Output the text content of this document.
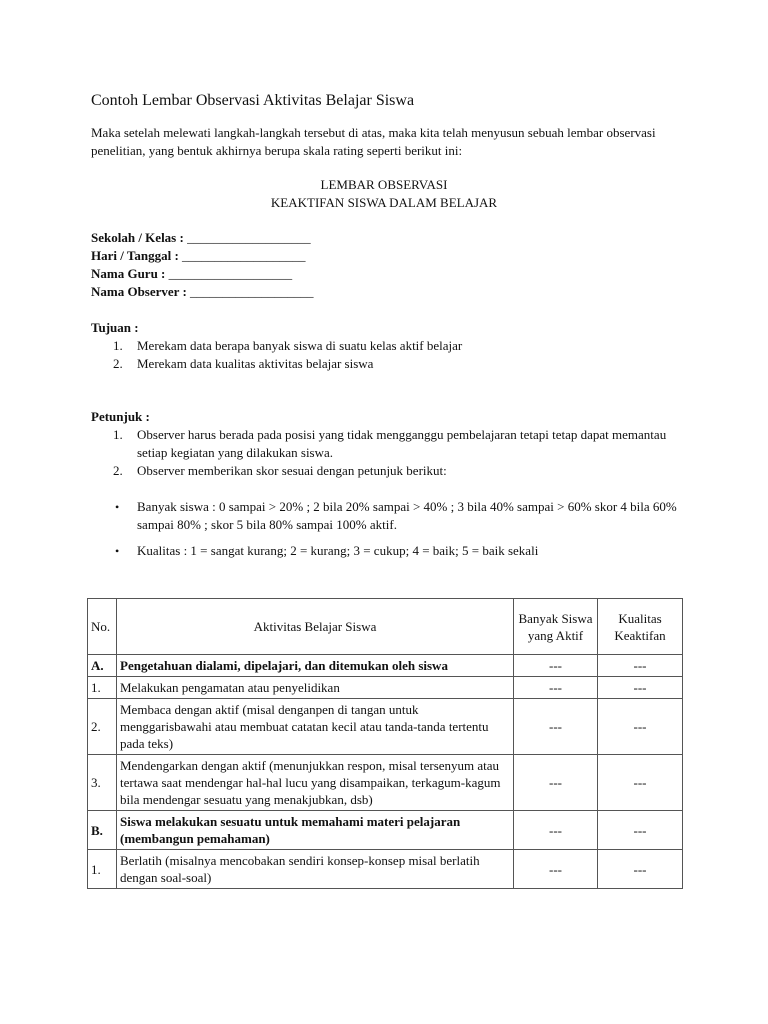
Contoh Lembar Observasi Aktivitas Belajar Siswa
Maka setelah melewati langkah-langkah tersebut di atas, maka kita telah menyusun sebuah lembar observasi penelitian, yang bentuk akhirnya berupa skala rating seperti berikut ini:
LEMBAR OBSERVASI
KEAKTIFAN SISWA DALAM BELAJAR
Sekolah / Kelas : ___________________
Hari / Tanggal : ___________________
Nama Guru : ___________________
Nama Observer : ___________________
Tujuan :
1. Merekam data berapa banyak siswa di suatu kelas aktif belajar
2. Merekam data kualitas aktivitas belajar siswa
Petunjuk :
1. Observer harus berada pada posisi yang tidak mengganggu pembelajaran tetapi tetap dapat memantau setiap kegiatan yang dilakukan siswa.
2. Observer memberikan skor sesuai dengan petunjuk berikut:
• Banyak siswa : 0 sampai > 20% ; 2 bila 20% sampai > 40% ; 3 bila 40% sampai > 60% skor 4 bila 60% sampai 80% ; skor 5 bila 80% sampai 100% aktif.
• Kualitas : 1 = sangat kurang; 2 = kurang; 3 = cukup; 4 = baik; 5 = baik sekali
No.	Aktivitas Belajar Siswa	Banyak Siswa yang Aktif	Kualitas Keaktifan
A.	Pengetahuan dialami, dipelajari, dan ditemukan oleh siswa	---	---
1.	Melakukan pengamatan atau penyelidikan	---	---
2.	Membaca dengan aktif (misal denganpen di tangan untuk menggarisbawahi atau membuat catatan kecil atau tanda-tanda tertentu pada teks)	---	---
3.	Mendengarkan dengan aktif (menunjukkan respon, misal tersenyum atau tertawa saat mendengar hal-hal lucu yang disampaikan, terkagum-kagum bila mendengar sesuatu yang menakjubkan, dsb)	---	---
B.	Siswa melakukan sesuatu untuk memahami materi pelajaran (membangun pemahaman)	---	---
1.	Berlatih (misalnya mencobakan sendiri konsep-konsep misal berlatih dengan soal-soal)	---	---
